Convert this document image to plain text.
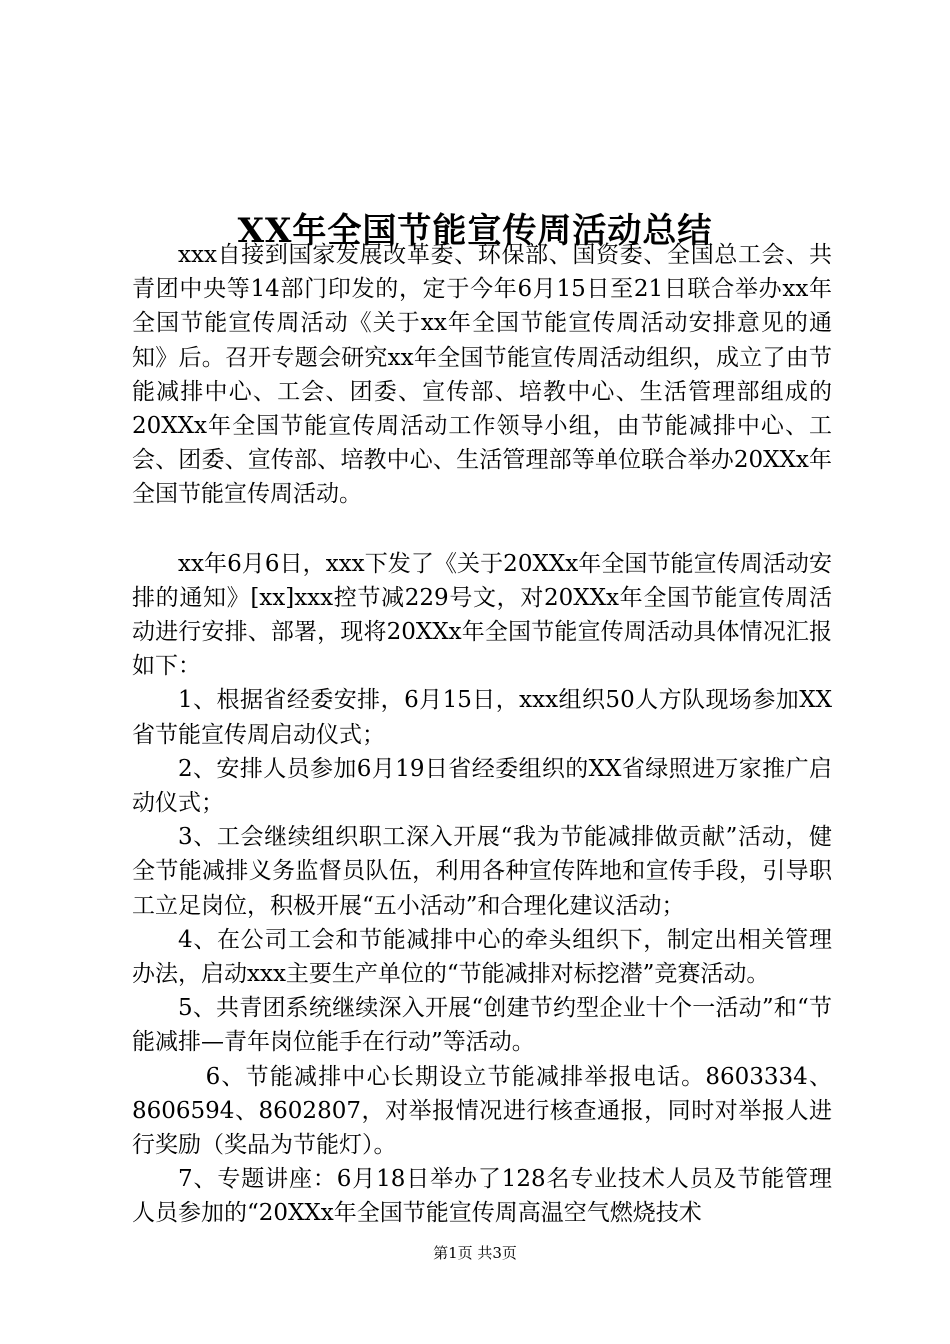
XX年全国节能宣传周活动总结

xxx自接到国家发展改革委、环保部、国资委、全国总工会、共青团中央等14部门印发的，定于今年6月15日至21日联合举办xx年全国节能宣传周活动《关于xx年全国节能宣传周活动安排意见的通知》后。召开专题会研究xx年全国节能宣传周活动组织，成立了由节能减排中心、工会、团委、宣传部、培教中心、生活管理部组成的20XXx年全国节能宣传周活动工作领导小组，由节能减排中心、工会、团委、宣传部、培教中心、生活管理部等单位联合举办20XXx年全国节能宣传周活动。

xx年6月6日，xxx下发了《关于20XXx年全国节能宣传周活动安排的通知》[xx]xxx控节减229号文，对20XXx年全国节能宣传周活动进行安排、部署，现将20XXx年全国节能宣传周活动具体情况汇报如下：

1、根据省经委安排，6月15日，xxx组织50人方队现场参加XX省节能宣传周启动仪式；

2、安排人员参加6月19日省经委组织的XX省绿照进万家推广启动仪式；

3、工会继续组织职工深入开展“我为节能减排做贡献”活动，健全节能减排义务监督员队伍，利用各种宣传阵地和宣传手段，引导职工立足岗位，积极开展“五小活动”和合理化建议活动；

4、在公司工会和节能减排中心的牵头组织下，制定出相关管理办法，启动xxx主要生产单位的“节能减排对标挖潜”竞赛活动。

5、共青团系统继续深入开展“创建节约型企业十个一活动”和“节能减排—青年岗位能手在行动”等活动。

6、节能减排中心长期设立节能减排举报电话。8603334、8606594、8602807，对举报情况进行核查通报，同时对举报人进行奖励（奖品为节能灯）。

7、专题讲座：6月18日举办了128名专业技术人员及节能管理人员参加的“20XXx年全国节能宣传周高温空气燃烧技术

第1页 共3页
